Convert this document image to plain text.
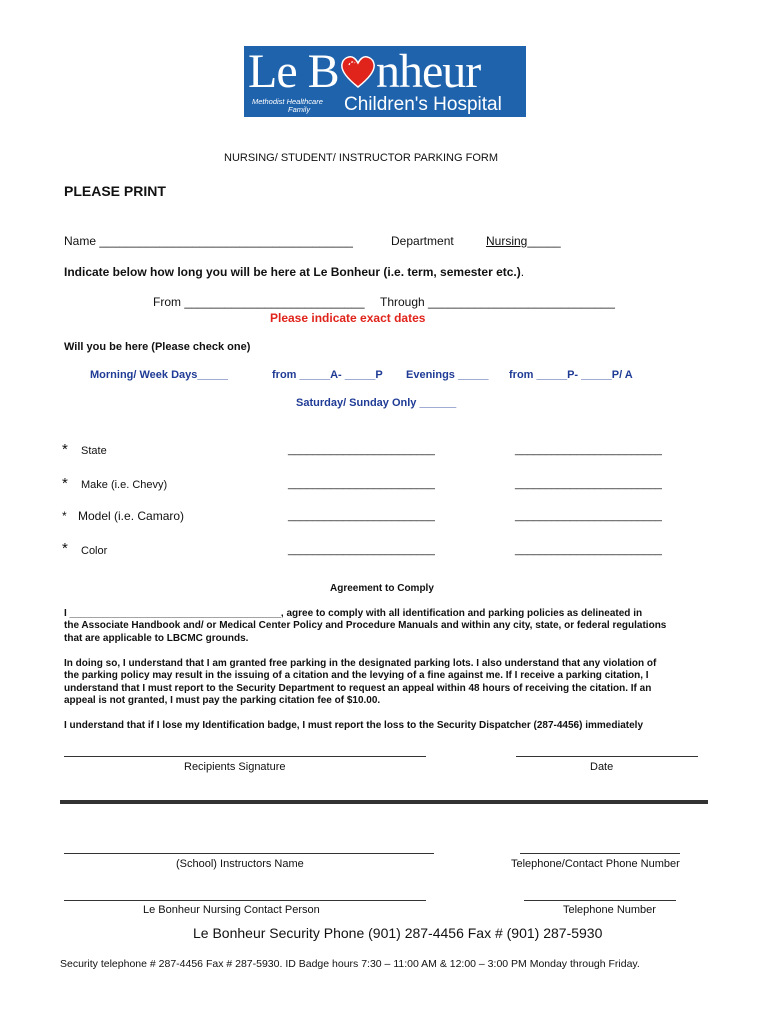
Le B nheur
Methodist Healthcare
Family	Children's Hospital
NURSING/ STUDENT/ INSTRUCTOR PARKING FORM
PLEASE PRINT
Name ______________________________________	Department	Nursing_____
Indicate below how long you will be here at Le Bonheur (i.e. term, semester etc.).
From ___________________________ Through ____________________________
Please indicate exact dates
Will you be here (Please check one)
Morning/ Week Days_____	from _____A- _____P Evenings _____ from _____P- _____P/ A
Saturday/ Sunday Only ______
* State	________________________	________________________
* Make (i.e. Chevy)	________________________	________________________
* Model (i.e. Camaro)	________________________	________________________
* Color	________________________	________________________
Agreement to Comply
I ______________________________________, agree to comply with all identification and parking policies as delineated in
the Associate Handbook and/ or Medical Center Policy and Procedure Manuals and within any city, state, or federal regulations
that are applicable to LBCMC grounds.
In doing so, I understand that I am granted free parking in the designated parking lots. I also understand that any violation of
the parking policy may result in the issuing of a citation and the levying of a fine against me. If I receive a parking citation, I
understand that I must report to the Security Department to request an appeal within 48 hours of receiving the citation. If an
appeal is not granted, I must pay the parking citation fee of $10.00.
I understand that if I lose my Identification badge, I must report the loss to the Security Dispatcher (287-4456) immediately
Recipients Signature	Date
(School) Instructors Name	Telephone/Contact Phone Number
Le Bonheur Nursing Contact Person	Telephone Number
Le Bonheur Security Phone (901) 287-4456 Fax # (901) 287-5930
Security telephone # 287-4456 Fax # 287-5930. ID Badge hours 7:30 – 11:00 AM & 12:00 – 3:00 PM Monday through Friday.
